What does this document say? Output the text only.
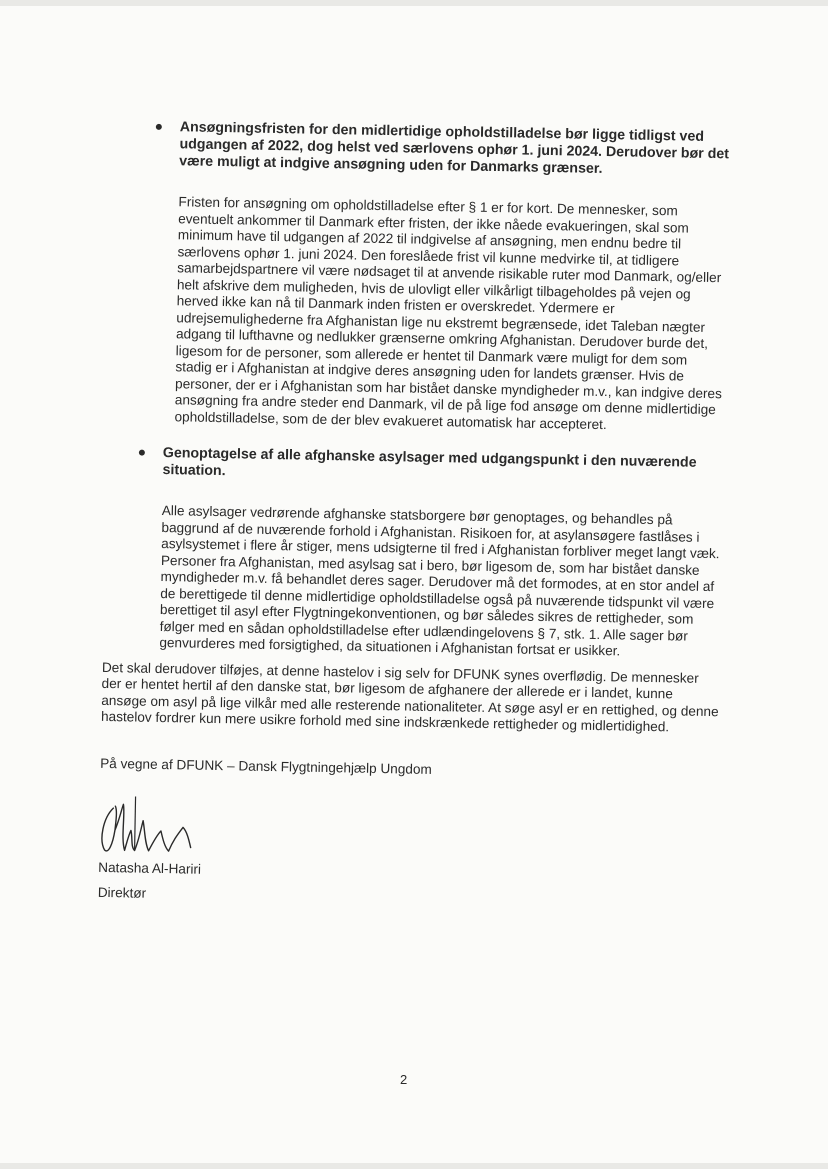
Ansøgningsfristen for den midlertidige opholdstilladelse bør ligge tidligst ved udgangen af 2022, dog helst ved særlovens ophør 1. juni 2024. Derudover bør det være muligt at indgive ansøgning uden for Danmarks grænser.

Fristen for ansøgning om opholdstilladelse efter § 1 er for kort. De mennesker, som eventuelt ankommer til Danmark efter fristen, der ikke nåede evakueringen, skal som minimum have til udgangen af 2022 til indgivelse af ansøgning, men endnu bedre til særlovens ophør 1. juni 2024. Den foreslåede frist vil kunne medvirke til, at tidligere samarbejdspartnere vil være nødsaget til at anvende risikable ruter mod Danmark, og/eller helt afskrive dem muligheden, hvis de ulovligt eller vilkårligt tilbageholdes på vejen og herved ikke kan nå til Danmark inden fristen er overskredet. Ydermere er udrejsemulighederne fra Afghanistan lige nu ekstremt begrænsede, idet Taleban nægter adgang til lufthavne og nedlukker grænserne omkring Afghanistan. Derudover burde det, ligesom for de personer, som allerede er hentet til Danmark være muligt for dem som stadig er i Afghanistan at indgive deres ansøgning uden for landets grænser. Hvis de personer, der er i Afghanistan som har bistået danske myndigheder m.v., kan indgive deres ansøgning fra andre steder end Danmark, vil de på lige fod ansøge om denne midlertidige opholdstilladelse, som de der blev evakueret automatisk har accepteret.

Genoptagelse af alle afghanske asylsager med udgangspunkt i den nuværende situation.

Alle asylsager vedrørende afghanske statsborgere bør genoptages, og behandles på baggrund af de nuværende forhold i Afghanistan. Risikoen for, at asylansøgere fastlåses i asylsystemet i flere år stiger, mens udsigterne til fred i Afghanistan forbliver meget langt væk. Personer fra Afghanistan, med asylsag sat i bero, bør ligesom de, som har bistået danske myndigheder m.v. få behandlet deres sager. Derudover må det formodes, at en stor andel af de berettigede til denne midlertidige opholdstilladelse også på nuværende tidspunkt vil være berettiget til asyl efter Flygtningekonventionen, og bør således sikres de rettigheder, som følger med en sådan opholdstilladelse efter udlændingelovens § 7, stk. 1. Alle sager bør genvurderes med forsigtighed, da situationen i Afghanistan fortsat er usikker.

Det skal derudover tilføjes, at denne hastelov i sig selv for DFUNK synes overflødig. De mennesker der er hentet hertil af den danske stat, bør ligesom de afghanere der allerede er i landet, kunne ansøge om asyl på lige vilkår med alle resterende nationaliteter. At søge asyl er en rettighed, og denne hastelov fordrer kun mere usikre forhold med sine indskrænkede rettigheder og midlertidighed.

På vegne af DFUNK – Dansk Flygtningehjælp Ungdom

Natasha Al-Hariri

Direktør

2
